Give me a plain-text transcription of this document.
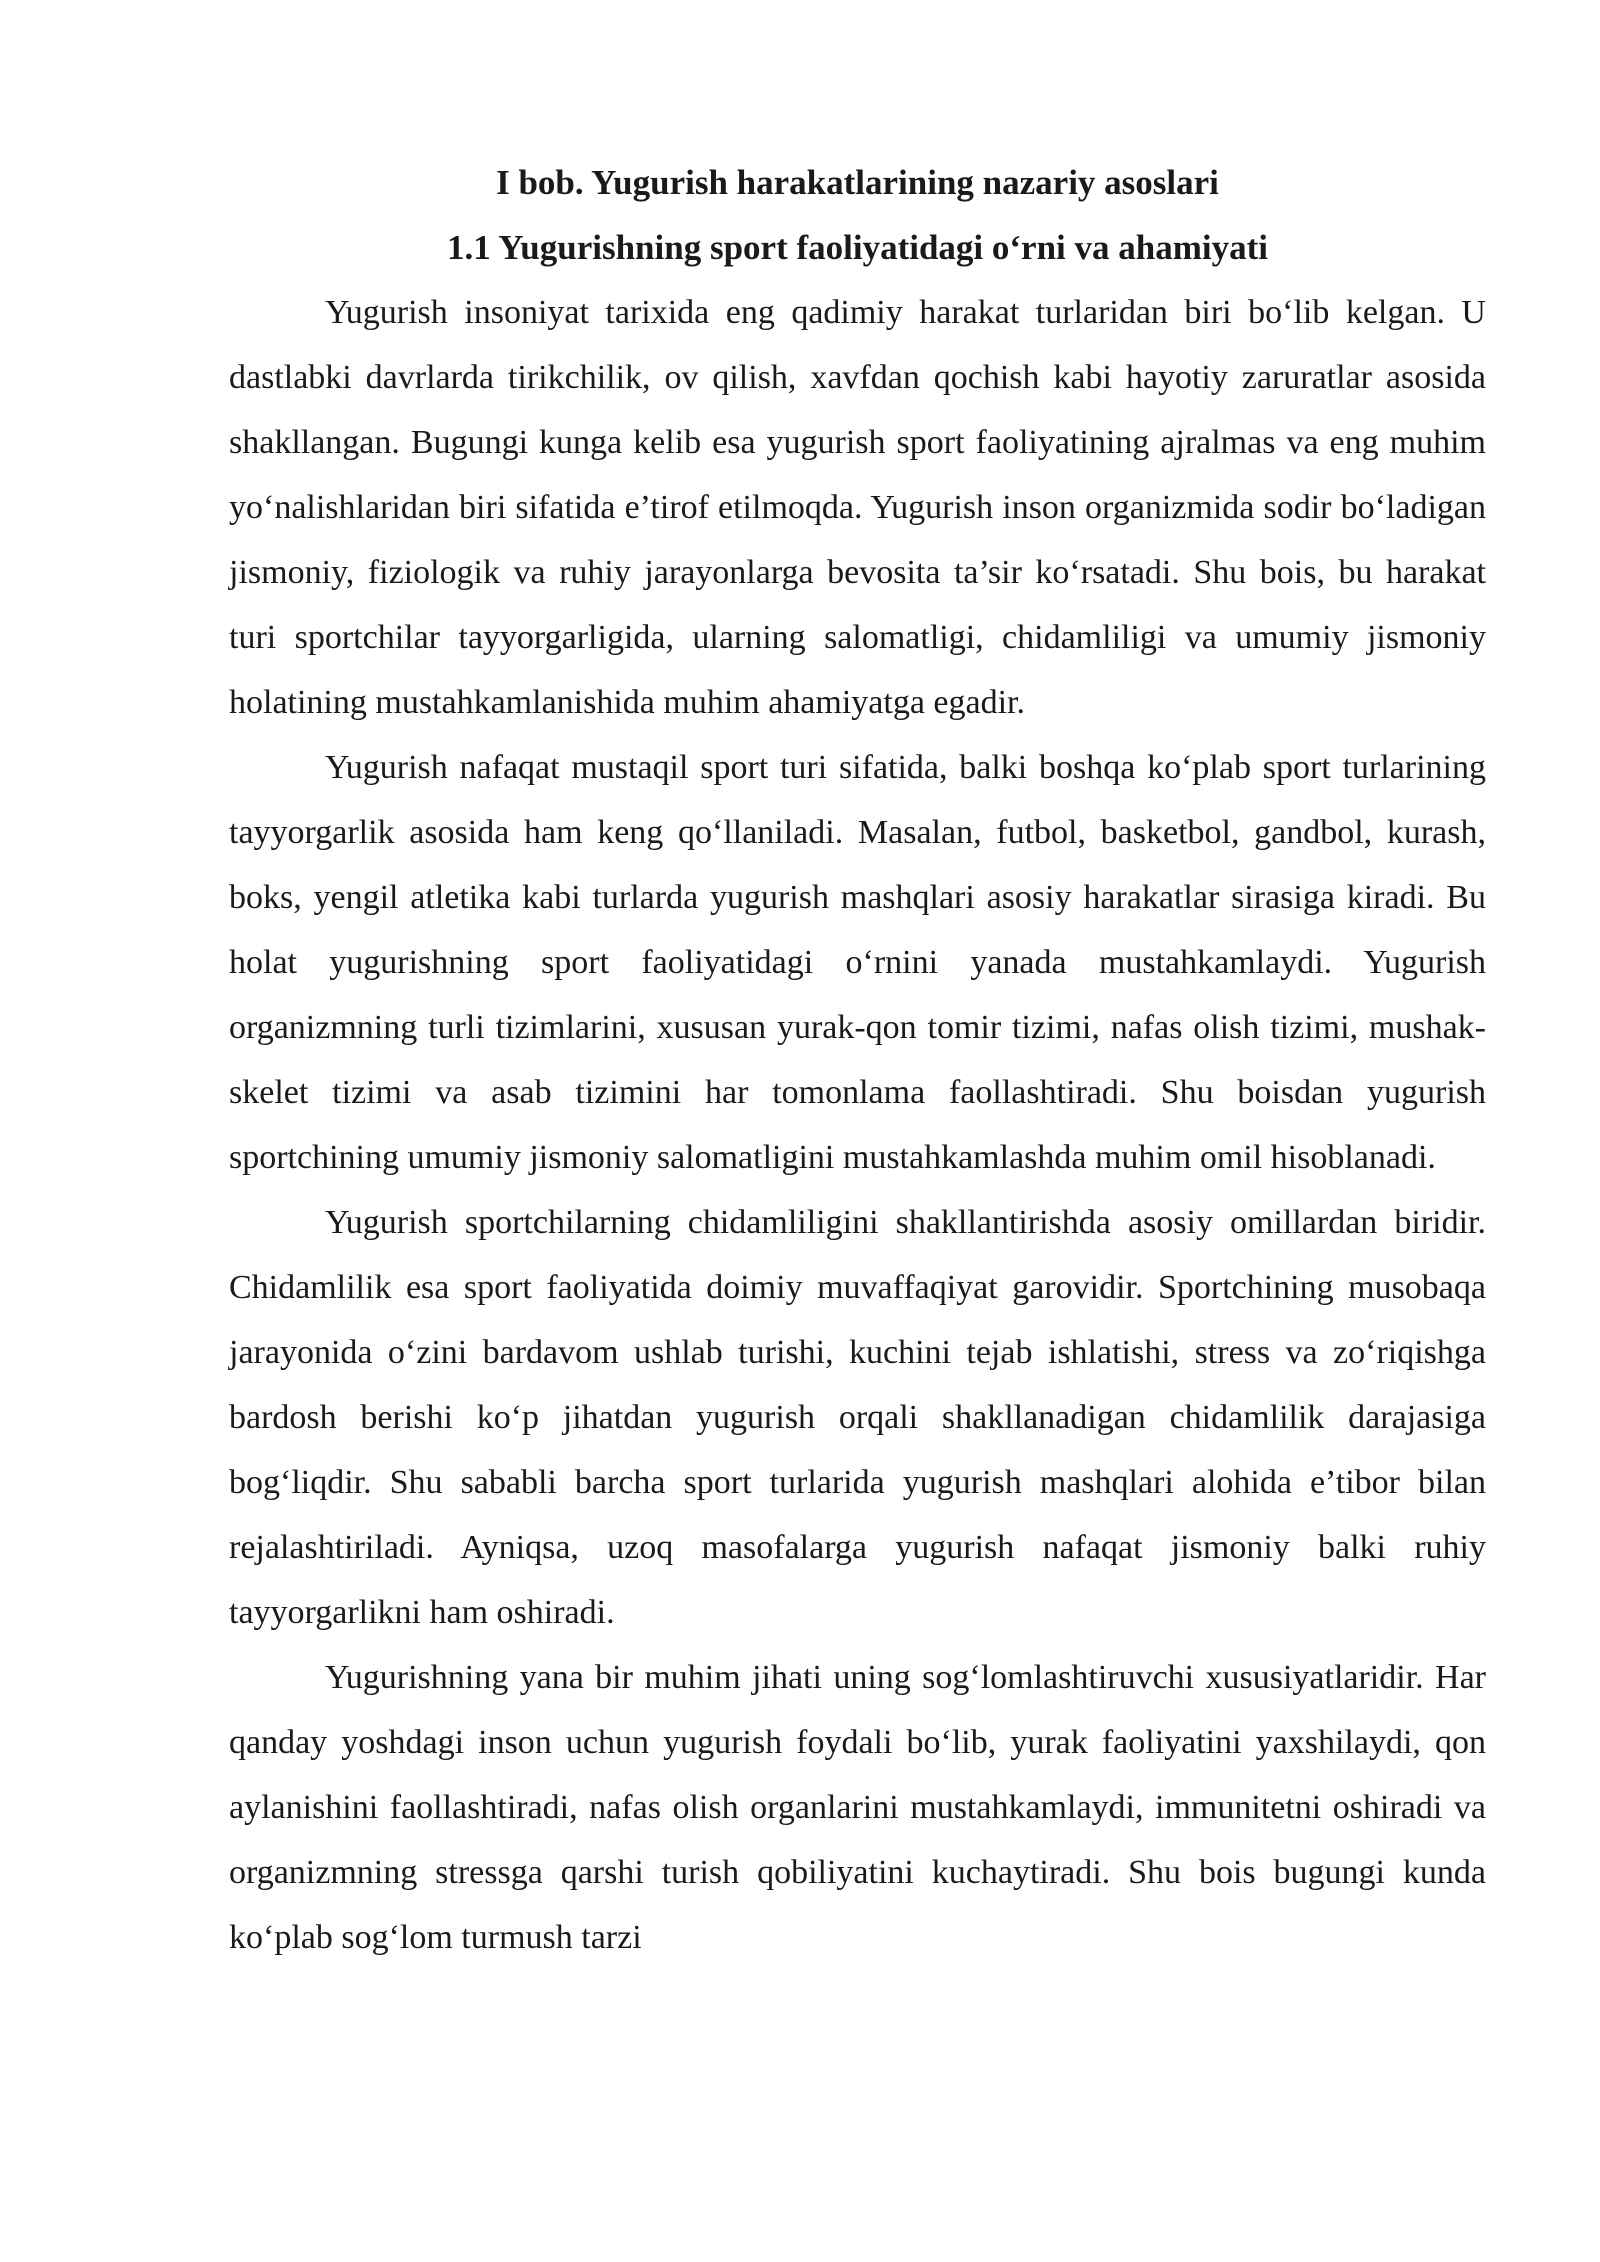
I bob. Yugurish harakatlarining nazariy asoslari
1.1 Yugurishning sport faoliyatidagi o‘rni va ahamiyati

Yugurish insoniyat tarixida eng qadimiy harakat turlaridan biri bo‘lib kelgan. U dastlabki davrlarda tirikchilik, ov qilish, xavfdan qochish kabi hayotiy zaruratlar asosida shakllangan. Bugungi kunga kelib esa yugurish sport faoliyatining ajralmas va eng muhim yo‘nalishlaridan biri sifatida e’tirof etilmoqda. Yugurish inson organizmida sodir bo‘ladigan jismoniy, fiziologik va ruhiy jarayonlarga bevosita ta’sir ko‘rsatadi. Shu bois, bu harakat turi sportchilar tayyorgarligida, ularning salomatligi, chidamliligi va umumiy jismoniy holatining mustahkamlanishida muhim ahamiyatga egadir.

Yugurish nafaqat mustaqil sport turi sifatida, balki boshqa ko‘plab sport turlarining tayyorgarlik asosida ham keng qo‘llaniladi. Masalan, futbol, basketbol, gandbol, kurash, boks, yengil atletika kabi turlarda yugurish mashqlari asosiy harakatlar sirasiga kiradi. Bu holat yugurishning sport faoliyatidagi o‘rnini yanada mustahkamlaydi. Yugurish organizmning turli tizimlarini, xususan yurak-qon tomir tizimi, nafas olish tizimi, mushak-skelet tizimi va asab tizimini har tomonlama faollashtiradi. Shu boisdan yugurish sportchining umumiy jismoniy salomatligini mustahkamlashda muhim omil hisoblanadi.

Yugurish sportchilarning chidamliligini shakllantirishda asosiy omillardan biridir. Chidamlilik esa sport faoliyatida doimiy muvaffaqiyat garovidir. Sportchining musobaqa jarayonida o‘zini bardavom ushlab turishi, kuchini tejab ishlatishi, stress va zo‘riqishga bardosh berishi ko‘p jihatdan yugurish orqali shakllanadigan chidamlilik darajasiga bog‘liqdir. Shu sababli barcha sport turlarida yugurish mashqlari alohida e’tibor bilan rejalashtiriladi. Ayniqsa, uzoq masofalarga yugurish nafaqat jismoniy balki ruhiy tayyorgarlikni ham oshiradi.

Yugurishning yana bir muhim jihati uning sog‘lomlashtiruvchi xususiyatlaridir. Har qanday yoshdagi inson uchun yugurish foydali bo‘lib, yurak faoliyatini yaxshilaydi, qon aylanishini faollashtiradi, nafas olish organlarini mustahkamlaydi, immunitetni oshiradi va organizmning stressga qarshi turish qobiliyatini kuchaytiradi. Shu bois bugungi kunda ko‘plab sog‘lom turmush tarzi
